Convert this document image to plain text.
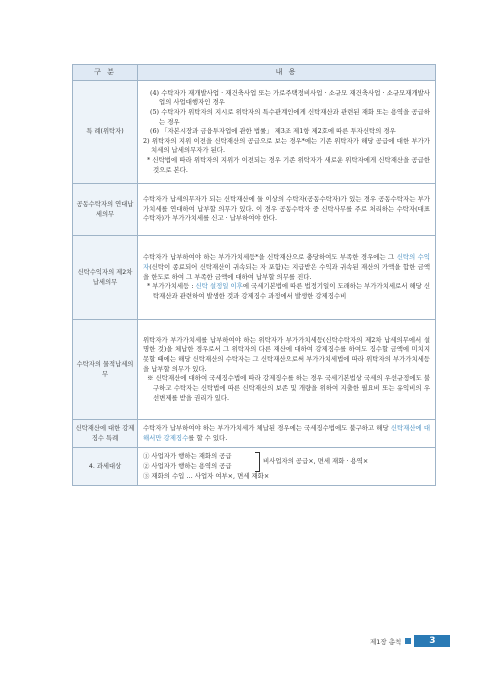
구 분	내 용
특 례(위탁자)	(4) 수탁자가 재개발사업 · 재건축사업 또는 가로주택정비사업 · 소규모 재건축사업 · 소규모재개발사업의 사업대행자인 경우
(5) 수탁자가 위탁자의 지시로 위탁자의 특수관계인에게 신탁재산과 관련된 재화 또는 용역을 공급하는 경우
(6) 「자본시장과 금융투자업에 관한 법률」 제3조 제1항 제2호에 따른 투자신탁의 경우
2) 위탁자의 지위 이전을 신탁재산의 공급으로 보는 경우*에는 기존 위탁자가 해당 공급에 대한 부가가치세의 납세의무자가 된다.
* 신탁법에 따라 위탁자의 지위가 이전되는 경우 기존 위탁자가 새로운 위탁자에게 신탁재산을 공급한 것으로 본다.

공동수탁자의 연대납세의무	수탁자가 납세의무자가 되는 신탁재산에 둘 이상의 수탁자(공동수탁자)가 있는 경우 공동수탁자는 부가가치세를 연대하여 납부할 의무가 있다. 이 경우 공동수탁자 중 신탁사무를 주로 처리하는 수탁자(대표수탁자)가 부가가치세를 신고 · 납부하여야 한다.
신탁수익자의 제2차 납세의무	수탁자가 납부하여야 하는 부가가치세등*을 신탁재산으로 충당하여도 부족한 경우에는 그 신탁의 수익자(신탁이 종료되어 신탁재산이 귀속되는 자 포함)는 지급받은 수익과 귀속된 재산의 가액을 합한 금액을 한도로 하여 그 부족한 금액에 대하여 납부할 의무를 진다.
* 부가가치세등 : 신탁 설정일 이후에 국세기본법에 따른 법정기일이 도래하는 부가가치세로서 해당 신탁재산과 관련하여 발생한 것과 강제징수 과정에서 발생한 강제징수비

수탁자의 물적납세의무	위탁자가 부가가치세를 납부하여야 하는 위탁자가 부가가치세등(신탁수탁자의 제2차 납세의무에서 설명한 것)을 체납한 경우로서 그 위탁자의 다른 재산에 대하여 강제징수를 하여도 징수할 금액에 미치지 못할 때에는 해당 신탁재산의 수탁자는 그 신탁재산으로써 부가가치세법에 따라 위탁자의 부가가치세등을 납부할 의무가 있다.
※ 신탁재산에 대하여 국세징수법에 따라 강제징수를 하는 경우 국세기본법상 국세의 우선규정에도 불구하고 수탁자는 신탁법에 따른 신탁재산의 보존 및 개량을 위하여 지출한 필요비 또는 유익비의 우선변제를 받을 권리가 있다.

신탁재산에 대한 강제징수 특례	수탁자가 납부하여야 하는 부가가치세가 체납된 경우에는 국세징수법에도 불구하고 해당 신탁재산에 대해서만 강제징수를 할 수 있다.
4. 과세대상	① 사업자가 행하는 재화의 공급
② 사업자가 행하는 용역의 공급
비사업자의 공급×, 면세 재화 · 용역×
③ 재화의 수입 … 사업자 여부×, 면세 재화×
제1장 총칙	3
